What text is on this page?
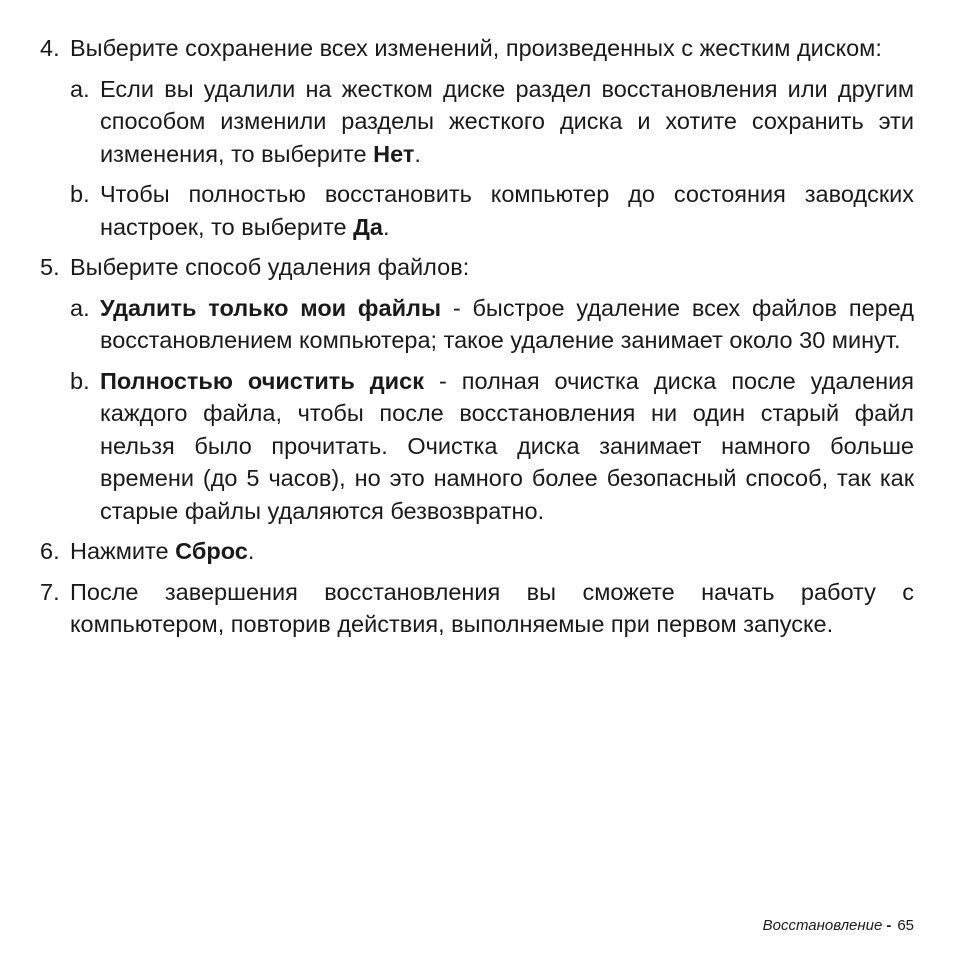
4. Выберите сохранение всех изменений, произведенных с жестким диском:
a. Если вы удалили на жестком диске раздел восстановления или другим способом изменили разделы жесткого диска и хотите сохранить эти изменения, то выберите Нет.
b. Чтобы полностью восстановить компьютер до состояния заводских настроек, то выберите Да.
5. Выберите способ удаления файлов:
a. Удалить только мои файлы - быстрое удаление всех файлов перед восстановлением компьютера; такое удаление занимает около 30 минут.
b. Полностью очистить диск - полная очистка диска после удаления каждого файла, чтобы после восстановления ни один старый файл нельзя было прочитать. Очистка диска занимает намного больше времени (до 5 часов), но это намного более безопасный способ, так как старые файлы удаляются безвозвратно.
6. Нажмите Сброс.
7. После завершения восстановления вы сможете начать работу с компьютером, повторив действия, выполняемые при первом запуске.
Восстановление - 65
